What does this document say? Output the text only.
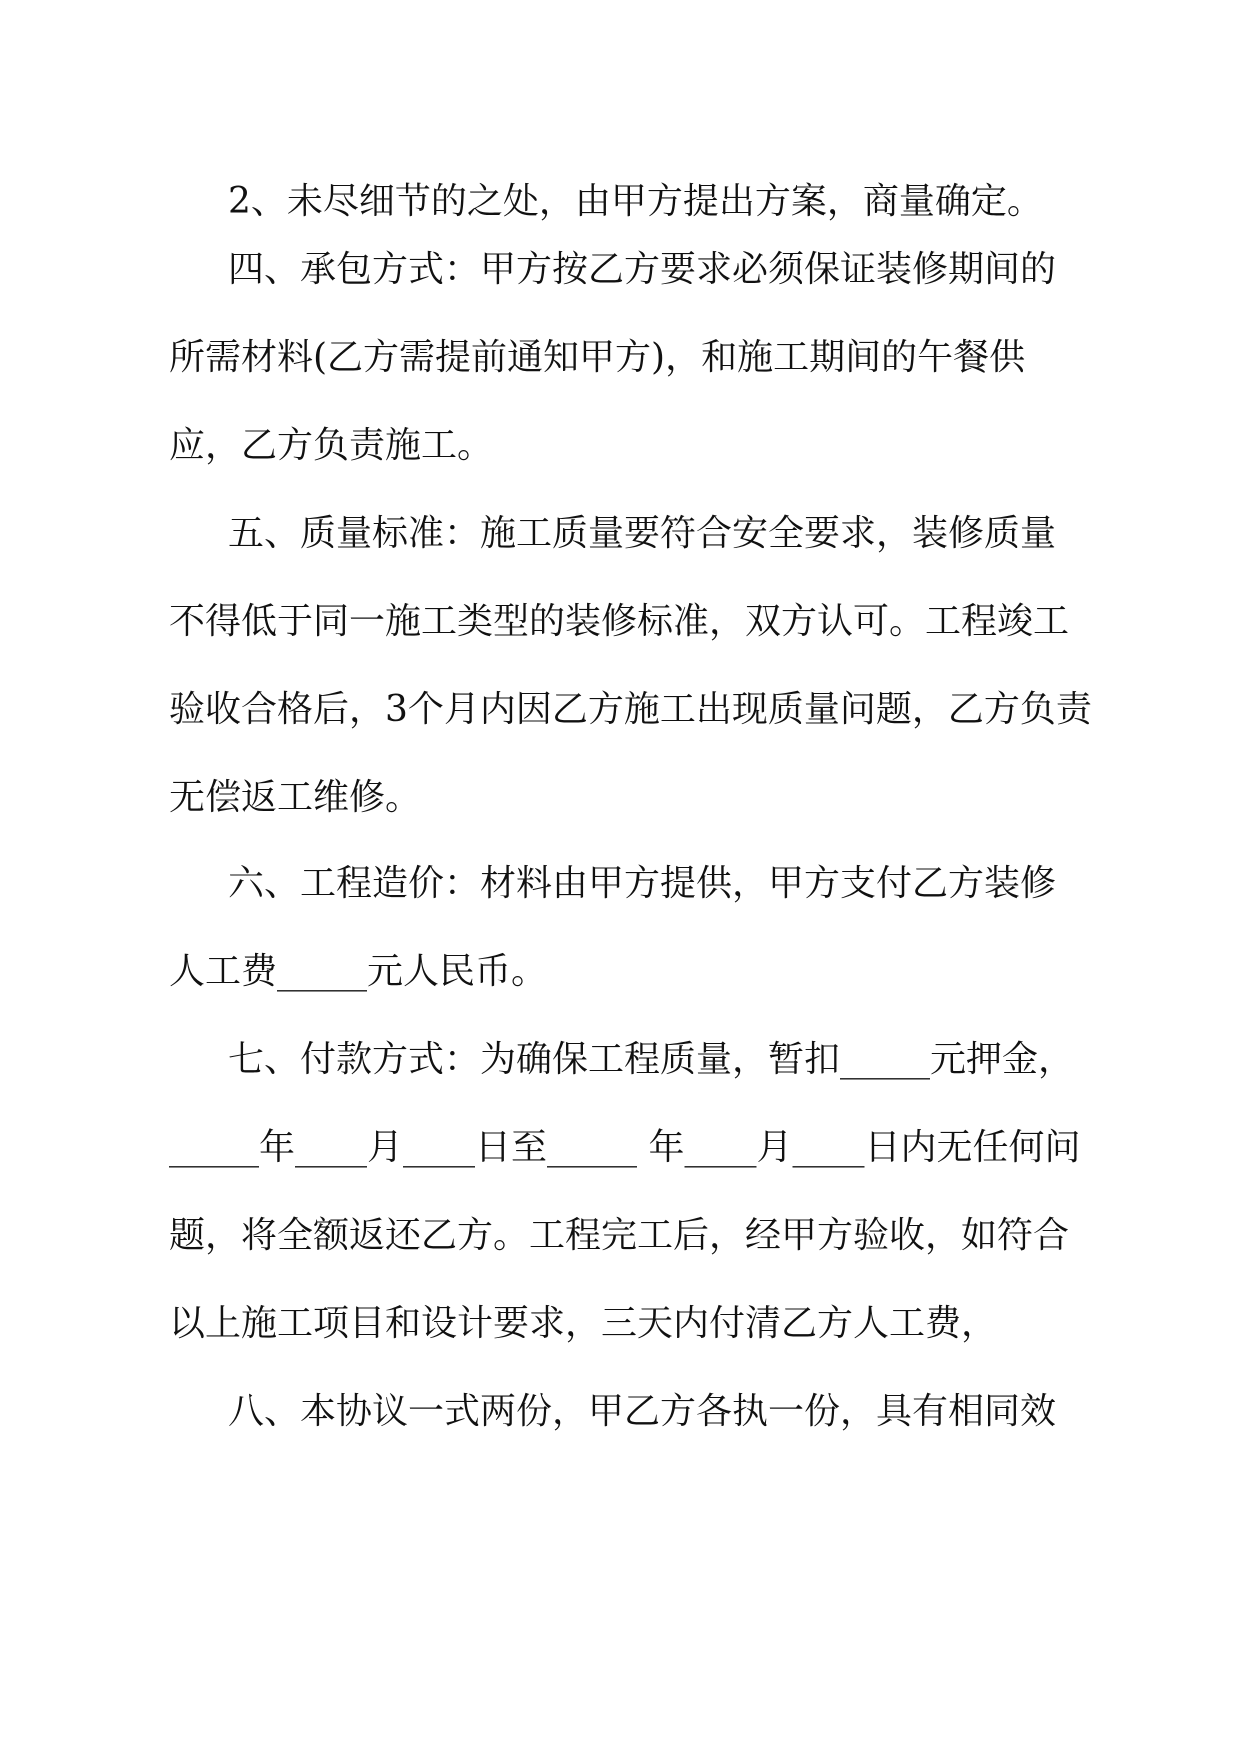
2、未尽细节的之处，由甲方提出方案，商量确定。

四、承包方式：甲方按乙方要求必须保证装修期间的

所需材料(乙方需提前通知甲方)，和施工期间的午餐供

应，乙方负责施工。

五、质量标准：施工质量要符合安全要求，装修质量

不得低于同一施工类型的装修标准，双方认可。工程竣工

验收合格后，3个月内因乙方施工出现质量问题，乙方负责

无偿返工维修。

六、工程造价：材料由甲方提供，甲方支付乙方装修

人工费_____元人民币。

七、付款方式：为确保工程质量，暂扣_____元押金，

_____年____月____日至_____ 年____月____日内无任何问

题，将全额返还乙方。工程完工后，经甲方验收，如符合

以上施工项目和设计要求，三天内付清乙方人工费，

八、本协议一式两份，甲乙方各执一份，具有相同效
